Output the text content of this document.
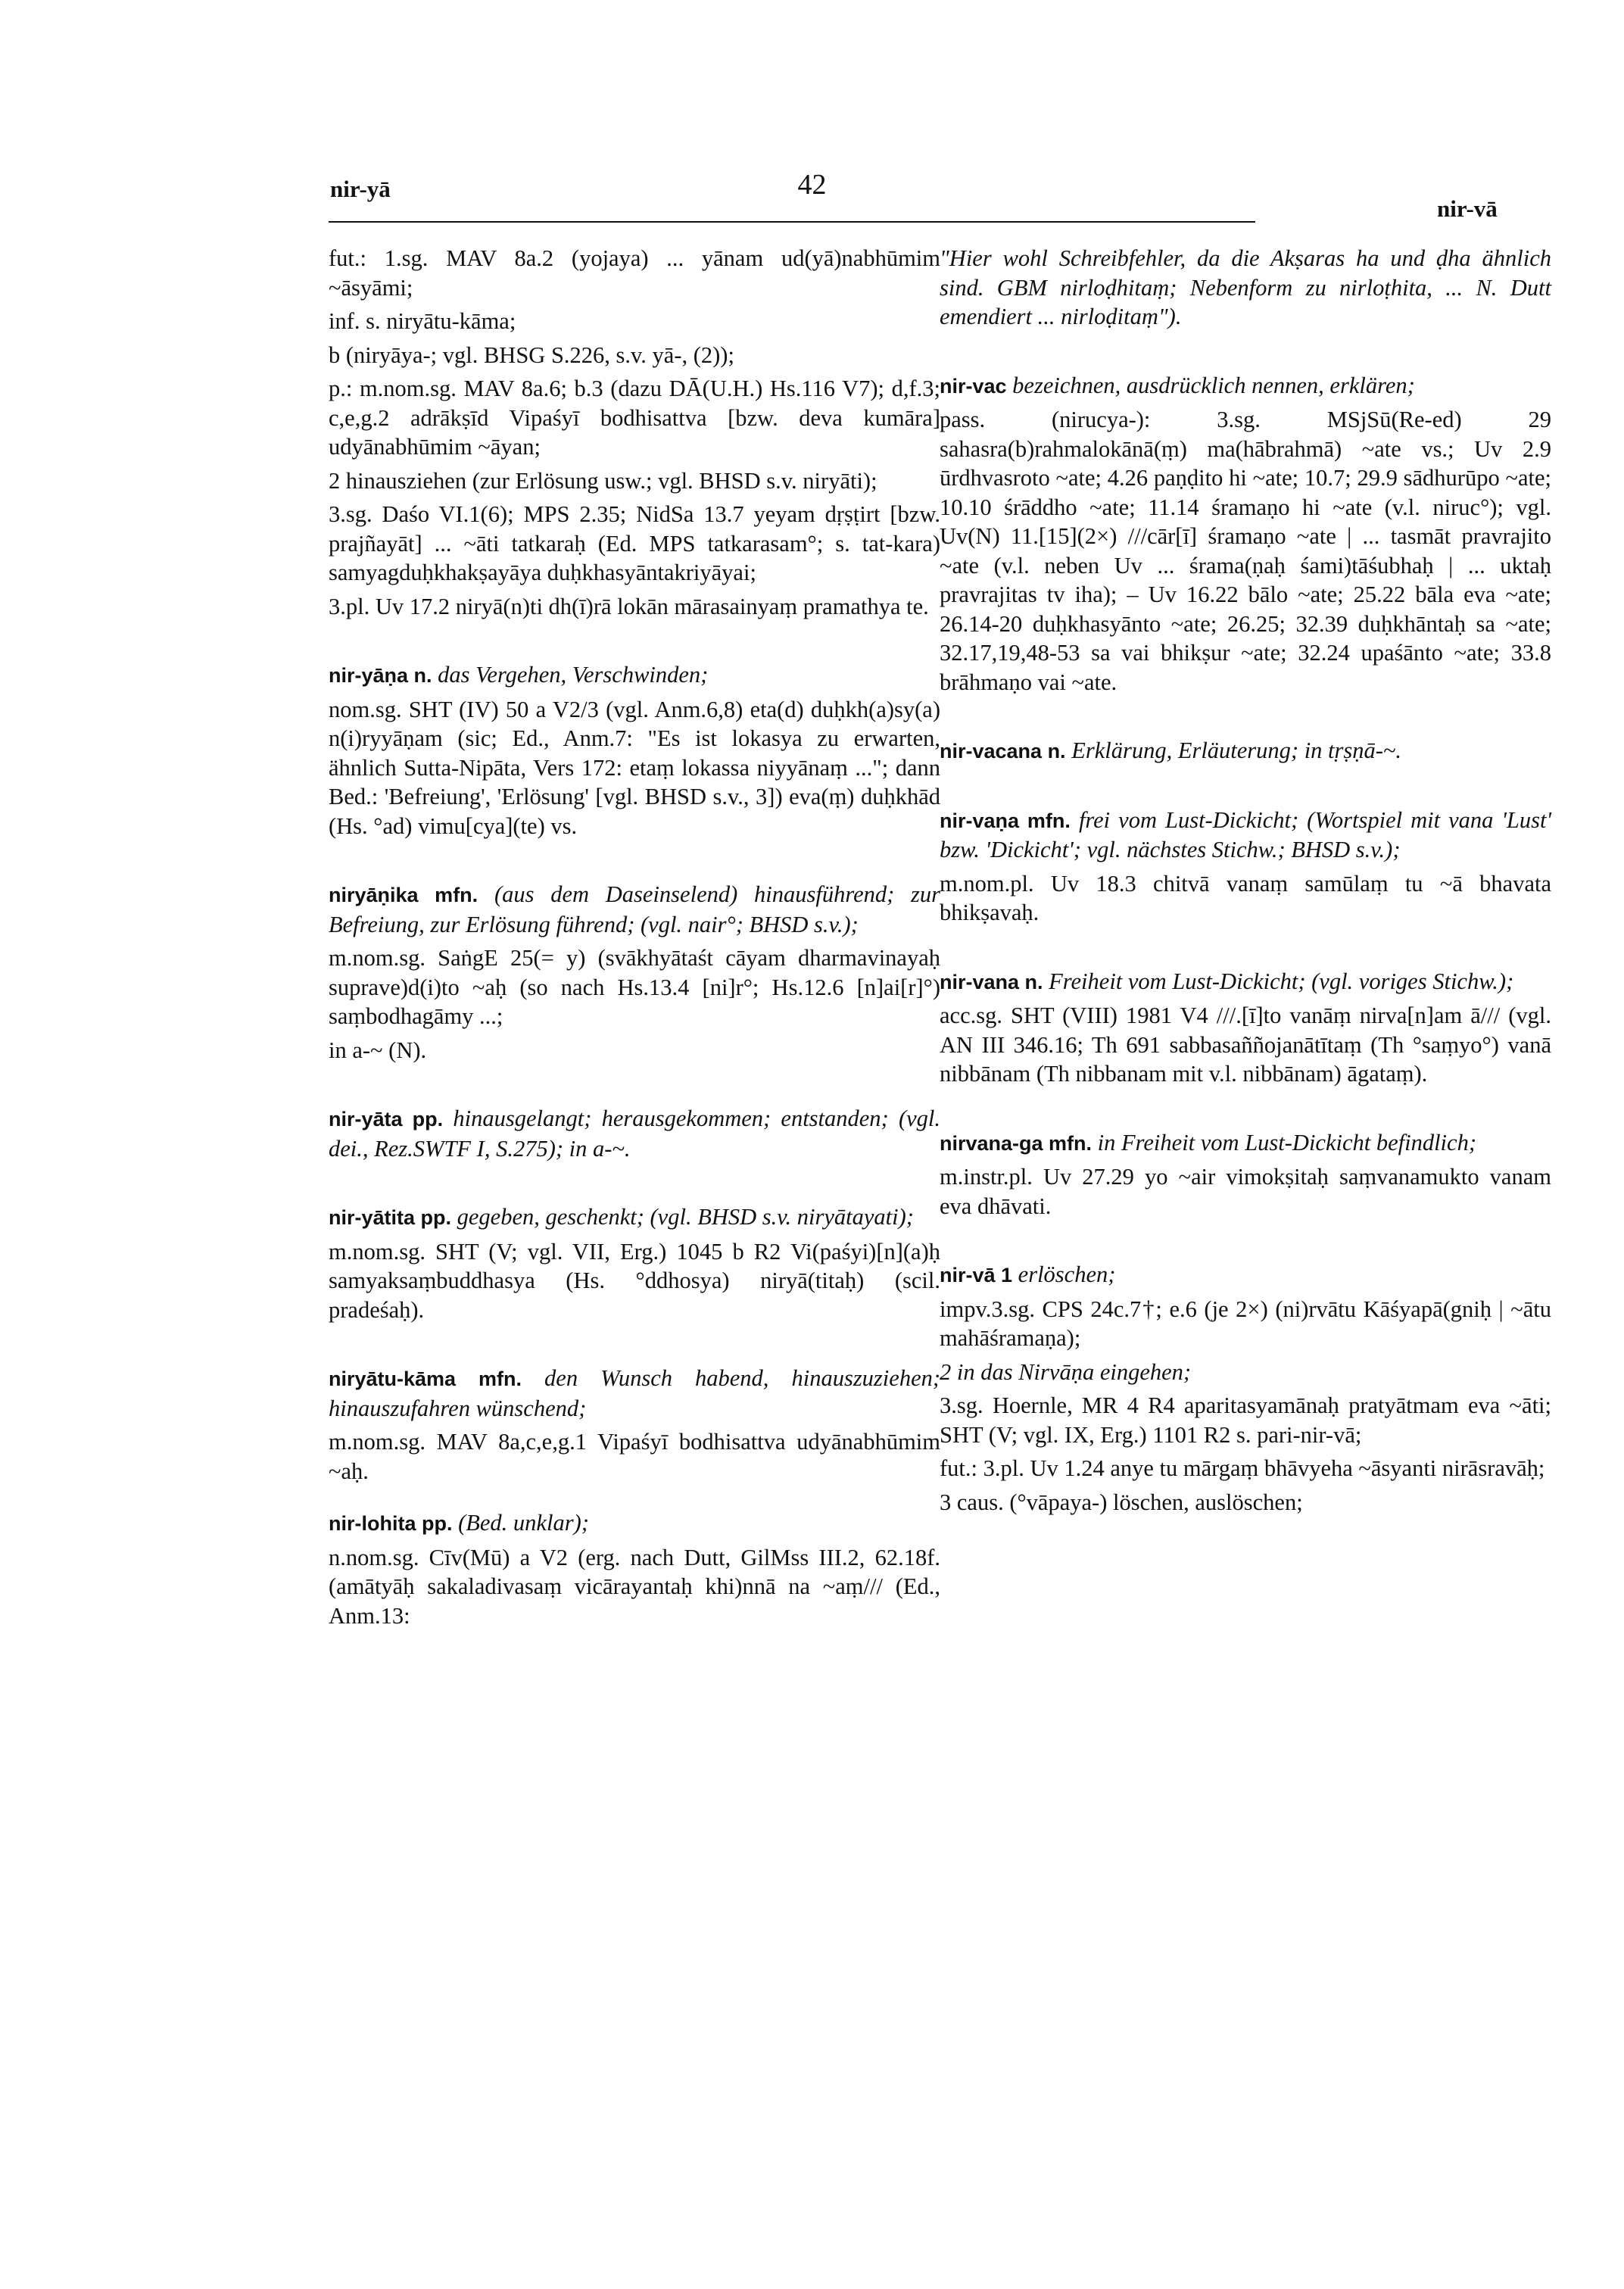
nir-yā	42
nir-vā

fut.: 1.sg. MAV 8a.2 (yojaya) ... yānam ud(yā)nabhūmim ~āsyāmi;

inf. s. niryātu-kāma;

b (niryāya-; vgl. BHSG S.226, s.v. yā-, (2));

p.: m.nom.sg. MAV 8a.6; b.3 (dazu DĀ(U.H.) Hs.116 V7); d,f.3; c,e,g.2 adrākṣīd Vipaśyī bodhisattva [bzw. deva kumāra] udyānabhūmim ~āyan;

2 hinausziehen (zur Erlösung usw.; vgl. BHSD s.v. niryāti);

3.sg. Daśo VI.1(6); MPS 2.35; NidSa 13.7 yeyam dṛṣṭirt [bzw. prajñayāt] ... ~āti tatkaraḥ (Ed. MPS tatkarasam°; s. tat-kara) samyagduḥkhakṣayāya duḥkhasyāntakriyāyai;

3.pl. Uv 17.2 niryā(n)ti dh(ī)rā lokān mārasainyaṃ pramathya te.

nir-yāṇa n. das Vergehen, Verschwinden;

nom.sg. SHT (IV) 50 a V2/3 (vgl. Anm.6,8) eta(d) duḥkh(a)sy(a) n(i)ryyāṇam (sic; Ed., Anm.7: "Es ist lokasya zu erwarten, ähnlich Sutta-Nipāta, Vers 172: etaṃ lokassa niyyānaṃ ..."; dann Bed.: 'Befreiung', 'Erlösung' [vgl. BHSD s.v., 3]) eva(ṃ) duḥkhād (Hs. °ad) vimu[cya](te) vs.

niryāṇika mfn. (aus dem Daseinselend) hinausführend; zur Befreiung, zur Erlösung führend; (vgl. nair°; BHSD s.v.);

m.nom.sg. SaṅgE 25(= y) (svākhyātaśt cāyam dharmavinayaḥ suprave)d(i)to ~aḥ (so nach Hs.13.4 [ni]r°; Hs.12.6 [n]ai[r]°) saṃbodhagāmy ...;

in a-~ (N).

nir-yāta pp. hinausgelangt; herausgekommen; entstanden; (vgl. dei., Rez.SWTF I, S.275); in a-~.

nir-yātita pp. gegeben, geschenkt; (vgl. BHSD s.v. niryātayati);

m.nom.sg. SHT (V; vgl. VII, Erg.) 1045 b R2 Vi(paśyi)[n](a)ḥ samyaksaṃbuddhasya (Hs. °ddhosya) niryā(titaḥ) (scil. pradeśaḥ).

niryātu-kāma mfn. den Wunsch habend, hinauszuziehen; hinauszufahren wünschend;

m.nom.sg. MAV 8a,c,e,g.1 Vipaśyī bodhisattva udyānabhūmim ~aḥ.

nir-lohita pp. (Bed. unklar);

n.nom.sg. Cīv(Mū) a V2 (erg. nach Dutt, GilMss III.2, 62.18f. (amātyāḥ sakaladivasaṃ vicārayantaḥ khi)nnā na ~aṃ/// (Ed., Anm.13:

"Hier wohl Schreibfehler, da die Akṣaras ha und ḍha ähnlich sind. GBM nirloḍhitaṃ; Nebenform zu nirloṭhita, ... N. Dutt emendiert ... nirloḍitaṃ").

nir-vac bezeichnen, ausdrücklich nennen, erklären;

pass. (nirucya-): 3.sg. MSjSū(Re-ed) 29 sahasra(b)rahmalokānā(ṃ) ma(hābrahmā) ~ate vs.; Uv 2.9 ūrdhvasroto ~ate; 4.26 paṇḍito hi ~ate; 10.7; 29.9 sādhurūpo ~ate; 10.10 śrāddho ~ate; 11.14 śramaṇo hi ~ate (v.l. niruc°); vgl. Uv(N) 11.[15](2×) ///cār[ī] śramaṇo ~ate | ... tasmāt pravrajito ~ate (v.l. neben Uv ... śrama(ṇaḥ śami)tāśubhaḥ | ... uktaḥ pravrajitas tv iha); – Uv 16.22 bālo ~ate; 25.22 bāla eva ~ate; 26.14-20 duḥkhasyānto ~ate; 26.25; 32.39 duḥkhāntaḥ sa ~ate; 32.17,19,48-53 sa vai bhikṣur ~ate; 32.24 upaśānto ~ate; 33.8 brāhmaṇo vai ~ate.

nir-vacana n. Erklärung, Erläuterung; in tṛṣṇā-~.

nir-vaṇa mfn. frei vom Lust-Dickicht; (Wortspiel mit vana 'Lust' bzw. 'Dickicht'; vgl. nächstes Stichw.; BHSD s.v.);

m.nom.pl. Uv 18.3 chitvā vanaṃ samūlaṃ tu ~ā bhavata bhikṣavaḥ.

nir-vana n. Freiheit vom Lust-Dickicht; (vgl. voriges Stichw.);

acc.sg. SHT (VIII) 1981 V4 ///.[ī]to vanāṃ nirva[n]am ā/// (vgl. AN III 346.16; Th 691 sabbasaññojanātītaṃ (Th °saṃyo°) vanā nibbānam (Th nibbanam mit v.l. nibbānam) āgataṃ).

nirvana-ga mfn. in Freiheit vom Lust-Dickicht befindlich;

m.instr.pl. Uv 27.29 yo ~air vimokṣitaḥ saṃvanamukto vanam eva dhāvati.

nir-vā 1 erlöschen;

impv.3.sg. CPS 24c.7†; e.6 (je 2×) (ni)rvātu Kāśyapā(gniḥ | ~ātu mahāśramaṇa);

2 in das Nirvāṇa eingehen;

3.sg. Hoernle, MR 4 R4 aparitasyamānaḥ pratyātmam eva ~āti; SHT (V; vgl. IX, Erg.) 1101 R2 s. pari-nir-vā;

fut.: 3.pl. Uv 1.24 anye tu mārgaṃ bhāvyeha ~āsyanti nirāsravāḥ;

3 caus. (°vāpaya-) löschen, auslöschen;
